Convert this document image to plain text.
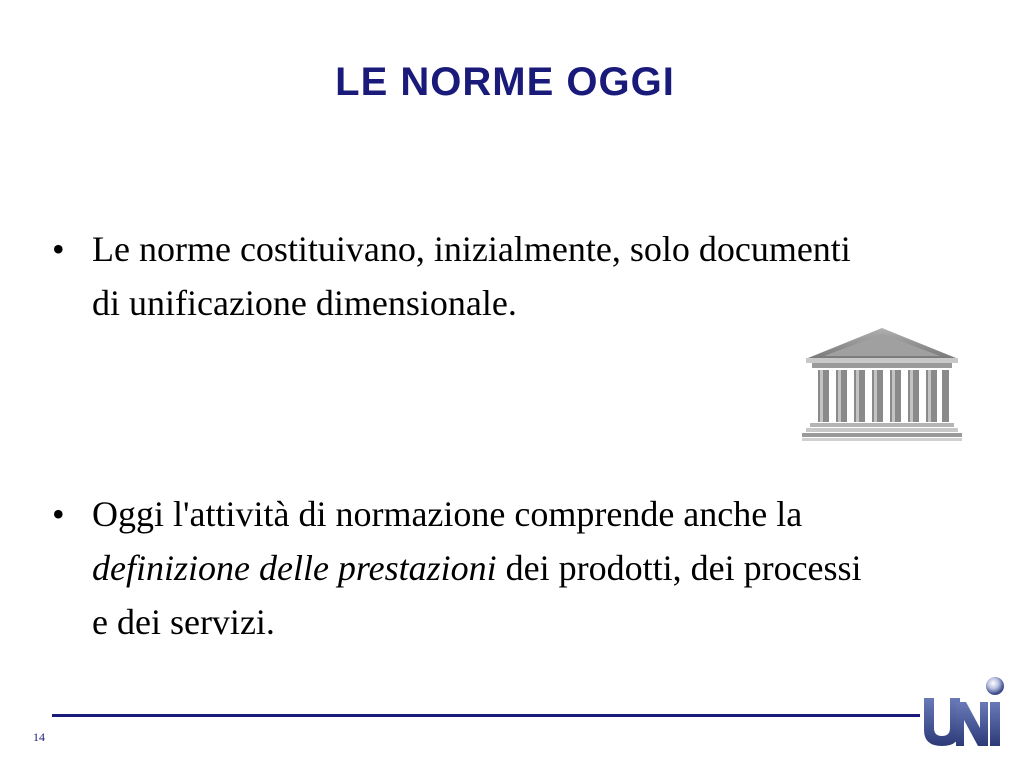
LE NORME OGGI
• Le norme costituivano, inizialmente, solo documenti di unificazione dimensionale.
• Oggi l'attività di normazione comprende anche la definizione delle prestazioni dei prodotti, dei processi e dei servizi.
14
